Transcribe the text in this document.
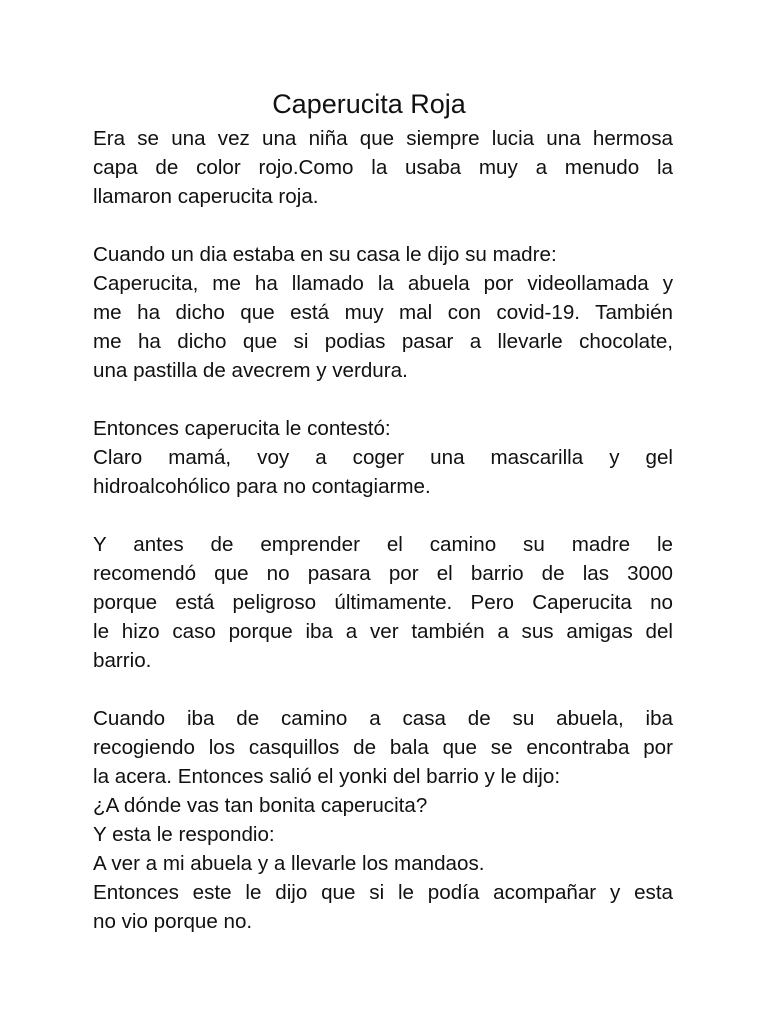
Caperucita Roja
Era se una vez una niña que siempre lucia una hermosa
capa de color rojo.Como la usaba muy a menudo la
llamaron caperucita roja.
Cuando un dia estaba en su casa le dijo su madre:
Caperucita, me ha llamado la abuela por videollamada y
me ha dicho que está muy mal con covid-19. También
me ha dicho que si podias pasar a llevarle chocolate,
una pastilla de avecrem y verdura.
Entonces caperucita le contestó:
Claro mamá, voy a coger una mascarilla y gel
hidroalcohólico para no contagiarme.
Y antes de emprender el camino su madre le
recomendó que no pasara por el barrio de las 3000
porque está peligroso últimamente. Pero Caperucita no
le hizo caso porque iba a ver también a sus amigas del
barrio.
Cuando iba de camino a casa de su abuela, iba
recogiendo los casquillos de bala que se encontraba por
la acera. Entonces salió el yonki del barrio y le dijo:
¿A dónde vas tan bonita caperucita?
Y esta le respondio:
A ver a mi abuela y a llevarle los mandaos.
Entonces este le dijo que si le podía acompañar y esta
no vio porque no.
